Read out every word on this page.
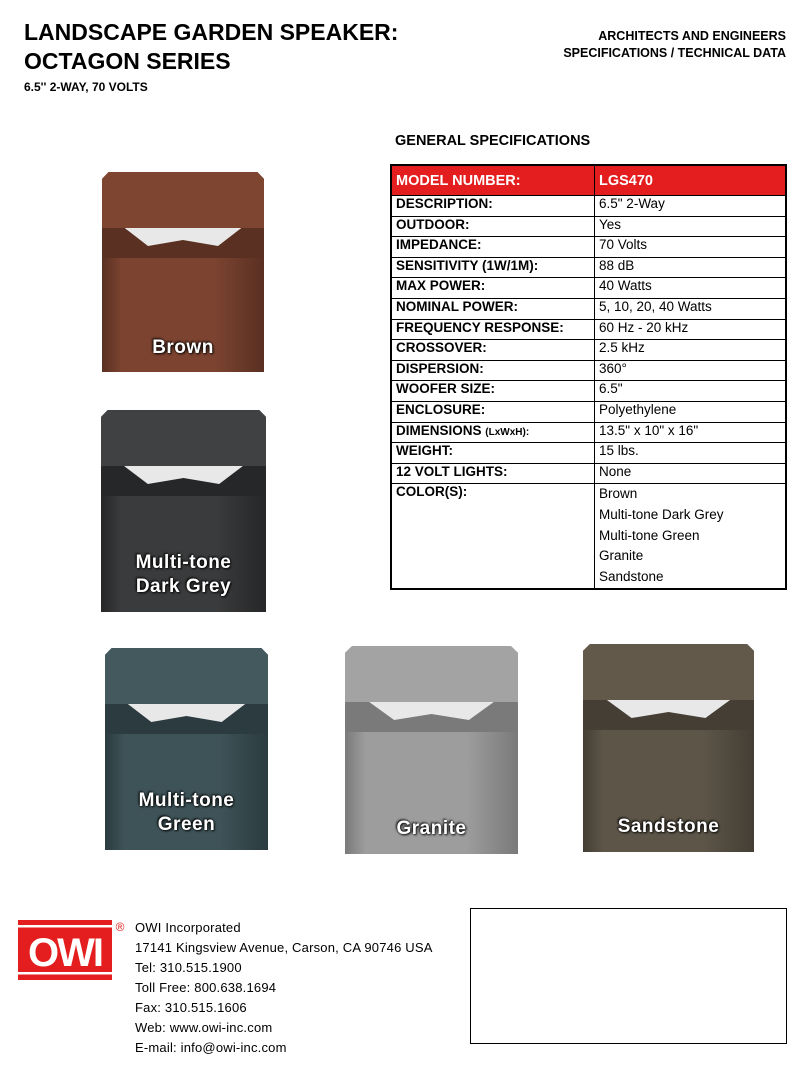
LANDSCAPE GARDEN SPEAKER:
OCTAGON SERIES
6.5'' 2-WAY, 70 VOLTS
ARCHITECTS AND ENGINEERS
SPECIFICATIONS / TECHNICAL DATA
GENERAL SPECIFICATIONS
MODEL NUMBER:	LGS470
DESCRIPTION:	6.5" 2-Way
OUTDOOR:	Yes
IMPEDANCE:	70 Volts
SENSITIVITY (1W/1M):	88 dB
MAX POWER:	40 Watts
NOMINAL POWER:	5, 10, 20, 40 Watts
FREQUENCY RESPONSE:	60 Hz - 20 kHz
CROSSOVER:	2.5 kHz
DISPERSION:	360°
WOOFER SIZE:	6.5"
ENCLOSURE:	Polyethylene
DIMENSIONS (LxWxH):	13.5" x 10" x 16"
WEIGHT:	15 lbs.
12 VOLT LIGHTS:	None
COLOR(S):	Brown
Multi-tone Dark Grey
Multi-tone Green
Granite
Sandstone
Brown
Multi-tone
Dark Grey
Multi-tone
Green	Granite	Sandstone
OWI
® OWI Incorporated
17141 Kingsview Avenue, Carson, CA 90746 USA
Tel: 310.515.1900
Toll Free: 800.638.1694
Fax: 310.515.1606
Web: www.owi-inc.com
E-mail: info@owi-inc.com
